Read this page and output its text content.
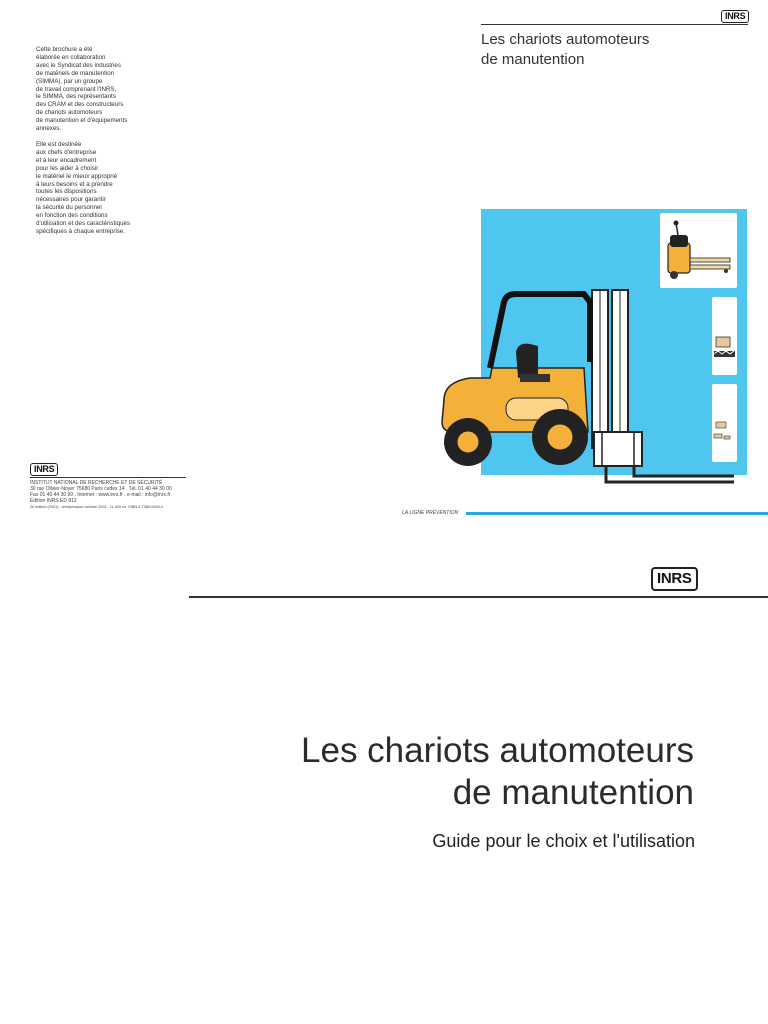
Cette brochure a été
élaborée en collaboration
avec le Syndicat des industries
de matériels de manutention
(SIMMA), par un groupe
de travail comprenant l'INRS,
le SIMMA, des représentants
des CRAM et des constructeurs
de chariots automoteurs
de manutention et d'équipements
annexes.

Elle est destinée
aux chefs d'entreprise
et à leur encadrement
pour les aider à choisir
le matériel le mieux approprié
à leurs besoins et à prendre
toutes les dispositions
nécessaires pour garantir
la sécurité du personnel
en fonction des conditions
d'utilisation et des caractéristiques
spécifiques à chaque entreprise.

INRS
Les chariots automoteurs
de manutention
LA LIGNE PRÉVENTION
INRS
INSTITUT NATIONAL DE RECHERCHE ET DE SÉCURITÉ
30 rue Olivier-Noyer 75680 Paris cedex 14 . Tél. 01 40 44 30 00
Fax 01 40 44 30 99 . Internet : www.inrs.fr . e-mail : info@inrs.fr
Édition INRS ED 812
2e édition (2001) . réimpression octobre 2002 . 11 000 ex. ISBN 2-7389-0593-2
INRS
Les chariots automoteurs
de manutention
Guide pour le choix et l'utilisation
